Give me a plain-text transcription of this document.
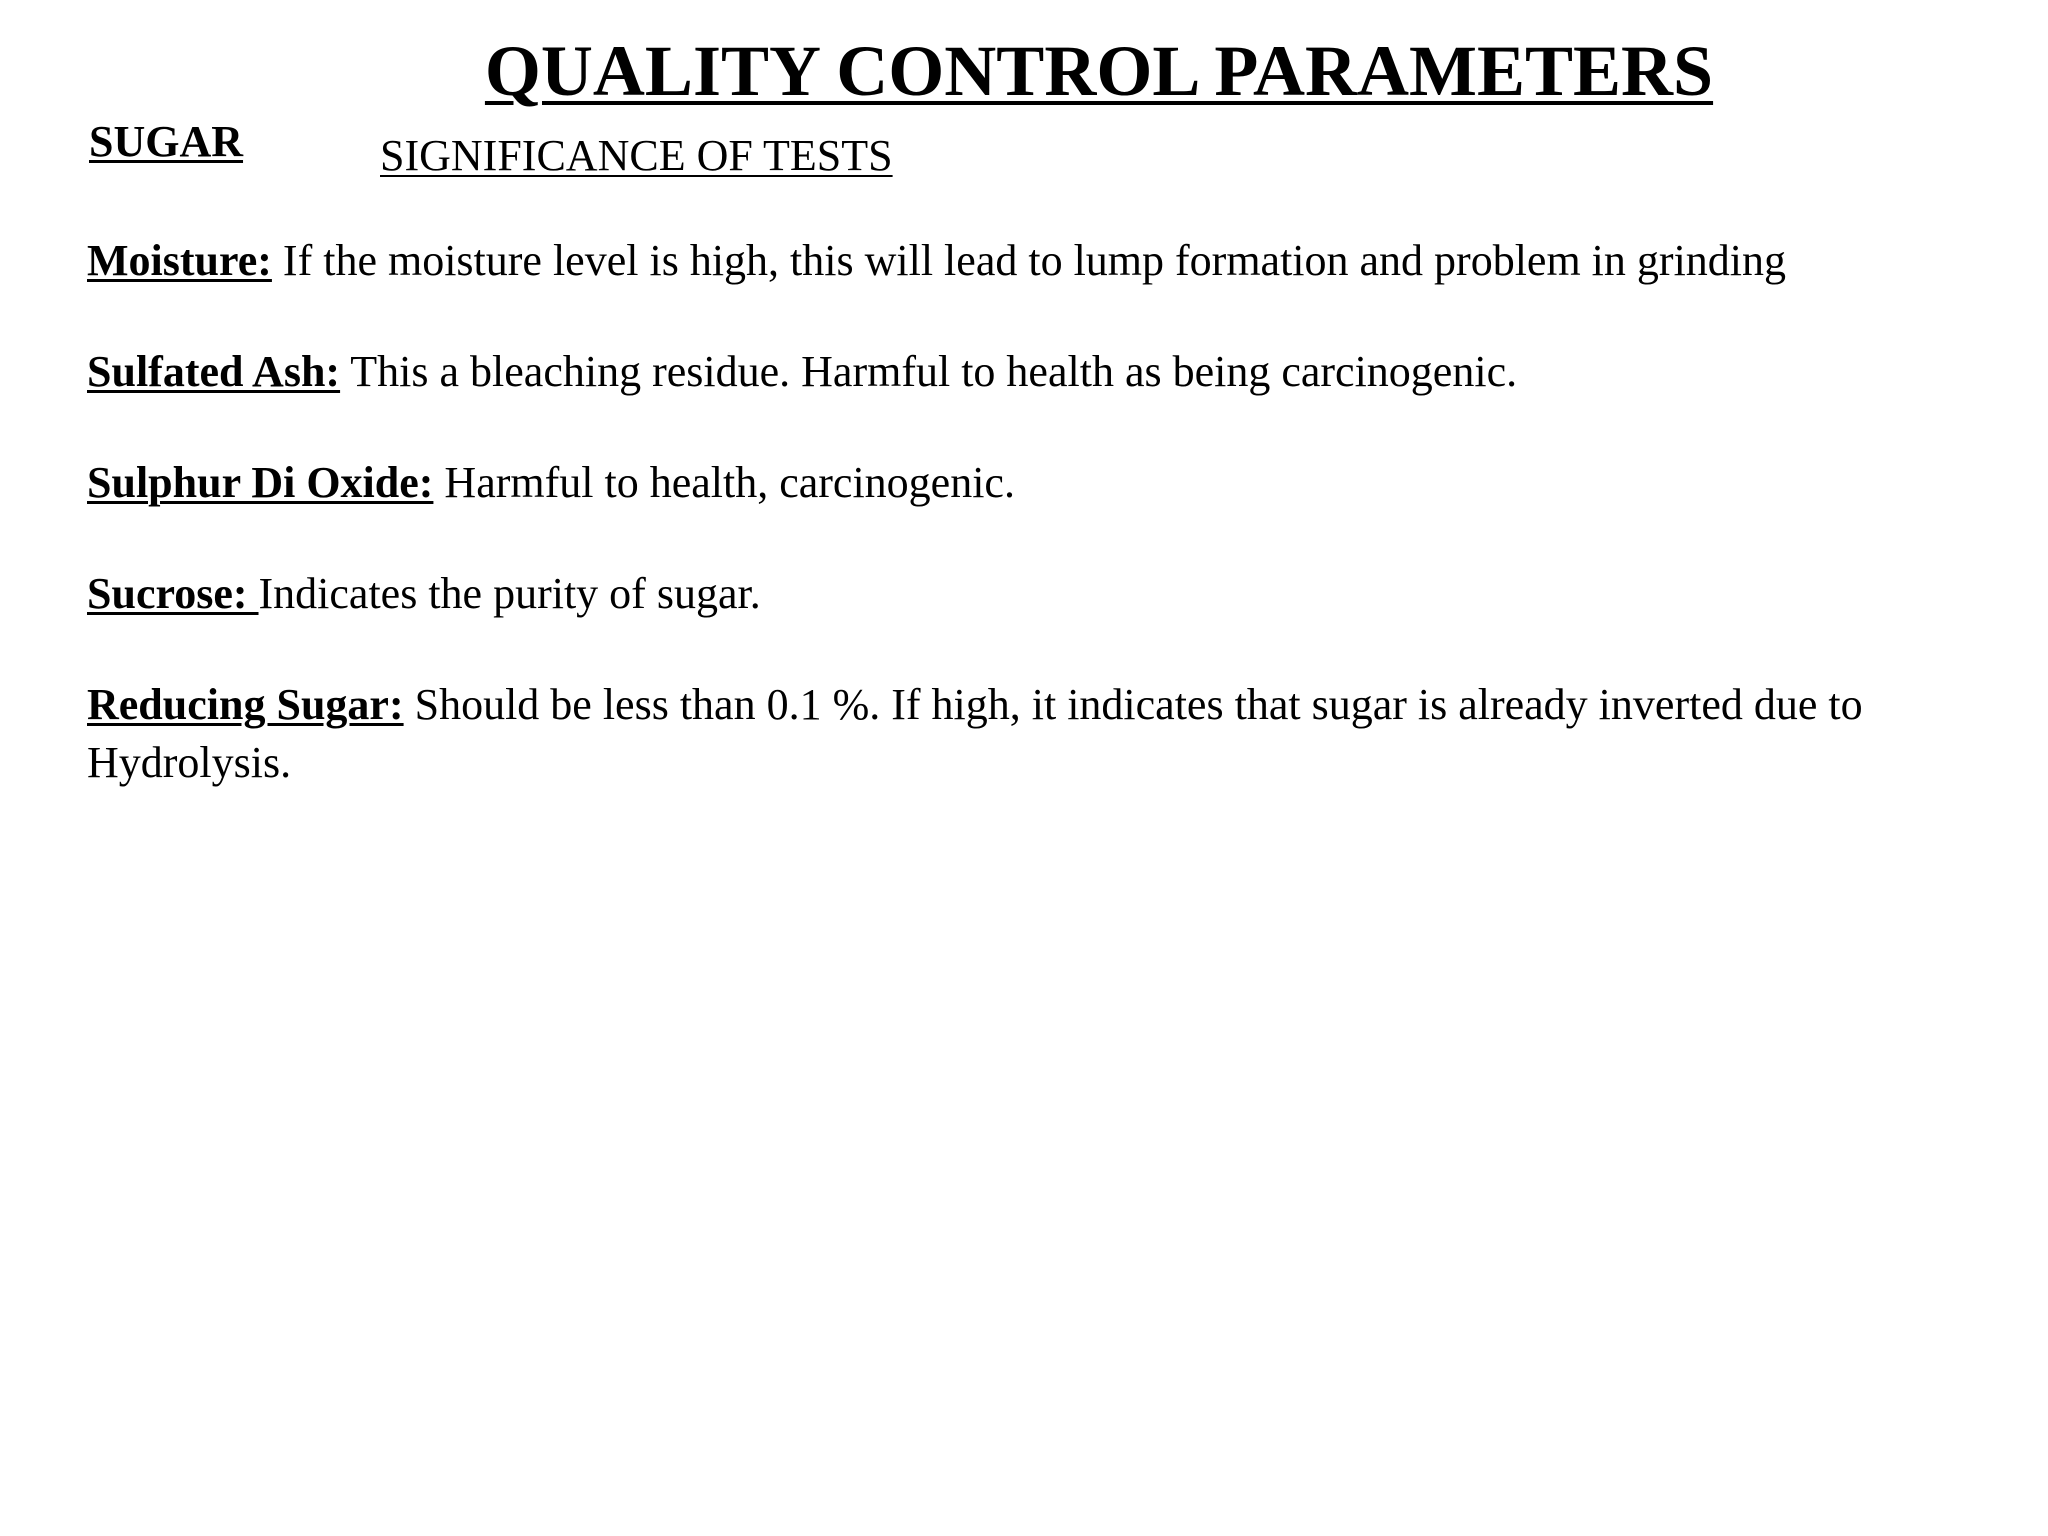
QUALITY CONTROL PARAMETERS
SUGAR	SIGNIFICANCE OF TESTS
Moisture: If the moisture level is high, this will lead to lump formation and problem in grinding
Sulfated Ash: This a bleaching residue. Harmful to health as being carcinogenic.
Sulphur Di Oxide: Harmful to health, carcinogenic.
Sucrose: Indicates the purity of sugar.
Reducing Sugar: Should be less than 0.1 %. If high, it indicates that sugar is already inverted due to Hydrolysis.
